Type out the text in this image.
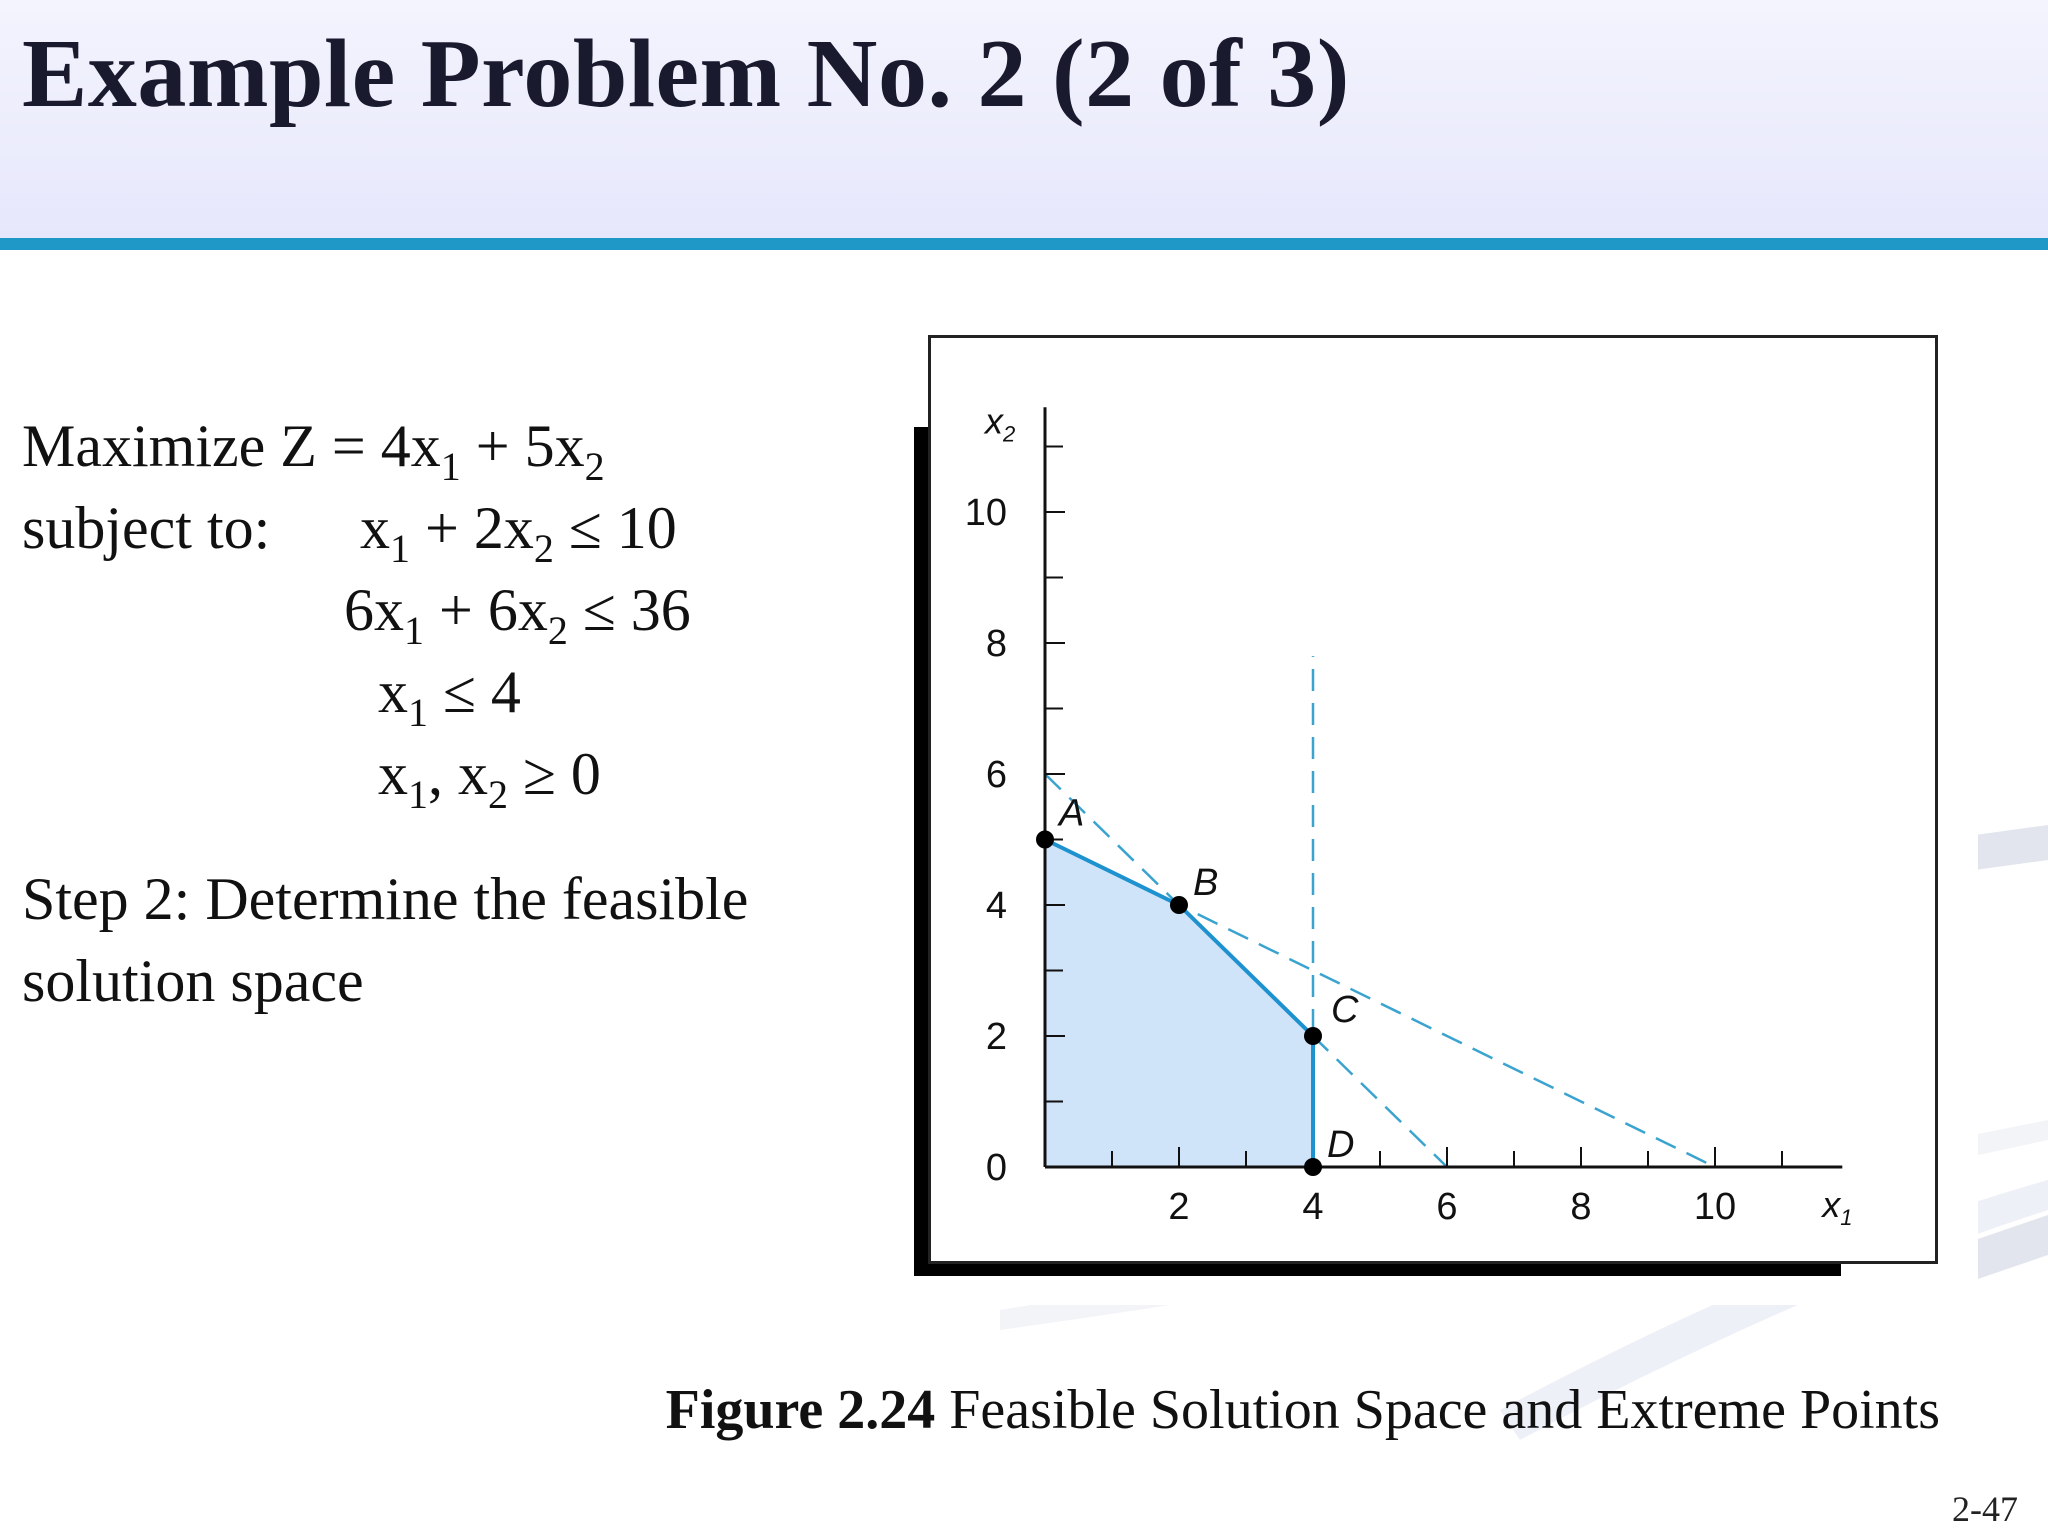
Example Problem No. 2 (2 of 3)
Maximize $Z = 4x_1 + 5x_2$
subject to: $x_1 + 2x_2 \le 10$
$6x_1 + 6x_2 \le 36$
$x_1 \le 4$
$x_1$, $x_2 \ge 0$

Step 2: Determine the feasible solution space

0
2
4
6
8
10
2	4	6	8	10
$x_2$
$x_1$
A
B
C
D

Figure 2.24 Feasible Solution Space and Extreme Points

2-47
